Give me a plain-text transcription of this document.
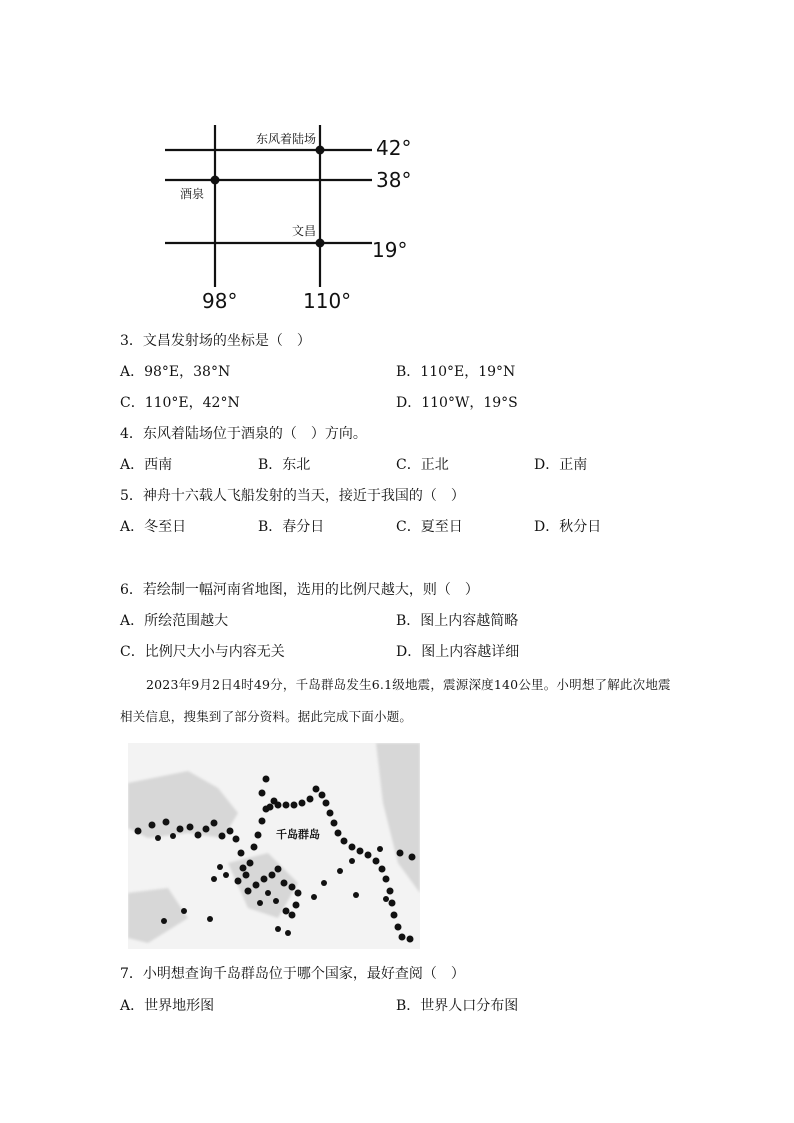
东风着陆场
酒泉
文昌
42°
38°
19°
98°	110°
3．文昌发射场的坐标是（　）
A．98°E，38°N	B．110°E，19°N
C．110°E，42°N	D．110°W，19°S
4．东风着陆场位于酒泉的（　）方向。
A．西南	B．东北	C．正北	D．正南
5．神舟十六载人飞船发射的当天，接近于我国的（　）
A．冬至日	B．春分日	C．夏至日	D．秋分日
6．若绘制一幅河南省地图，选用的比例尺越大，则（　）
A．所绘范围越大	B．图上内容越简略
C．比例尺大小与内容无关	D．图上内容越详细
2023年9月2日4时49分，千岛群岛发生6.1级地震，震源深度140公里。小明想了解此次地震相关信息，搜集到了部分资料。据此完成下面小题。
千岛群岛
7．小明想查询千岛群岛位于哪个国家，最好查阅（　）
A．世界地形图	B．世界人口分布图
